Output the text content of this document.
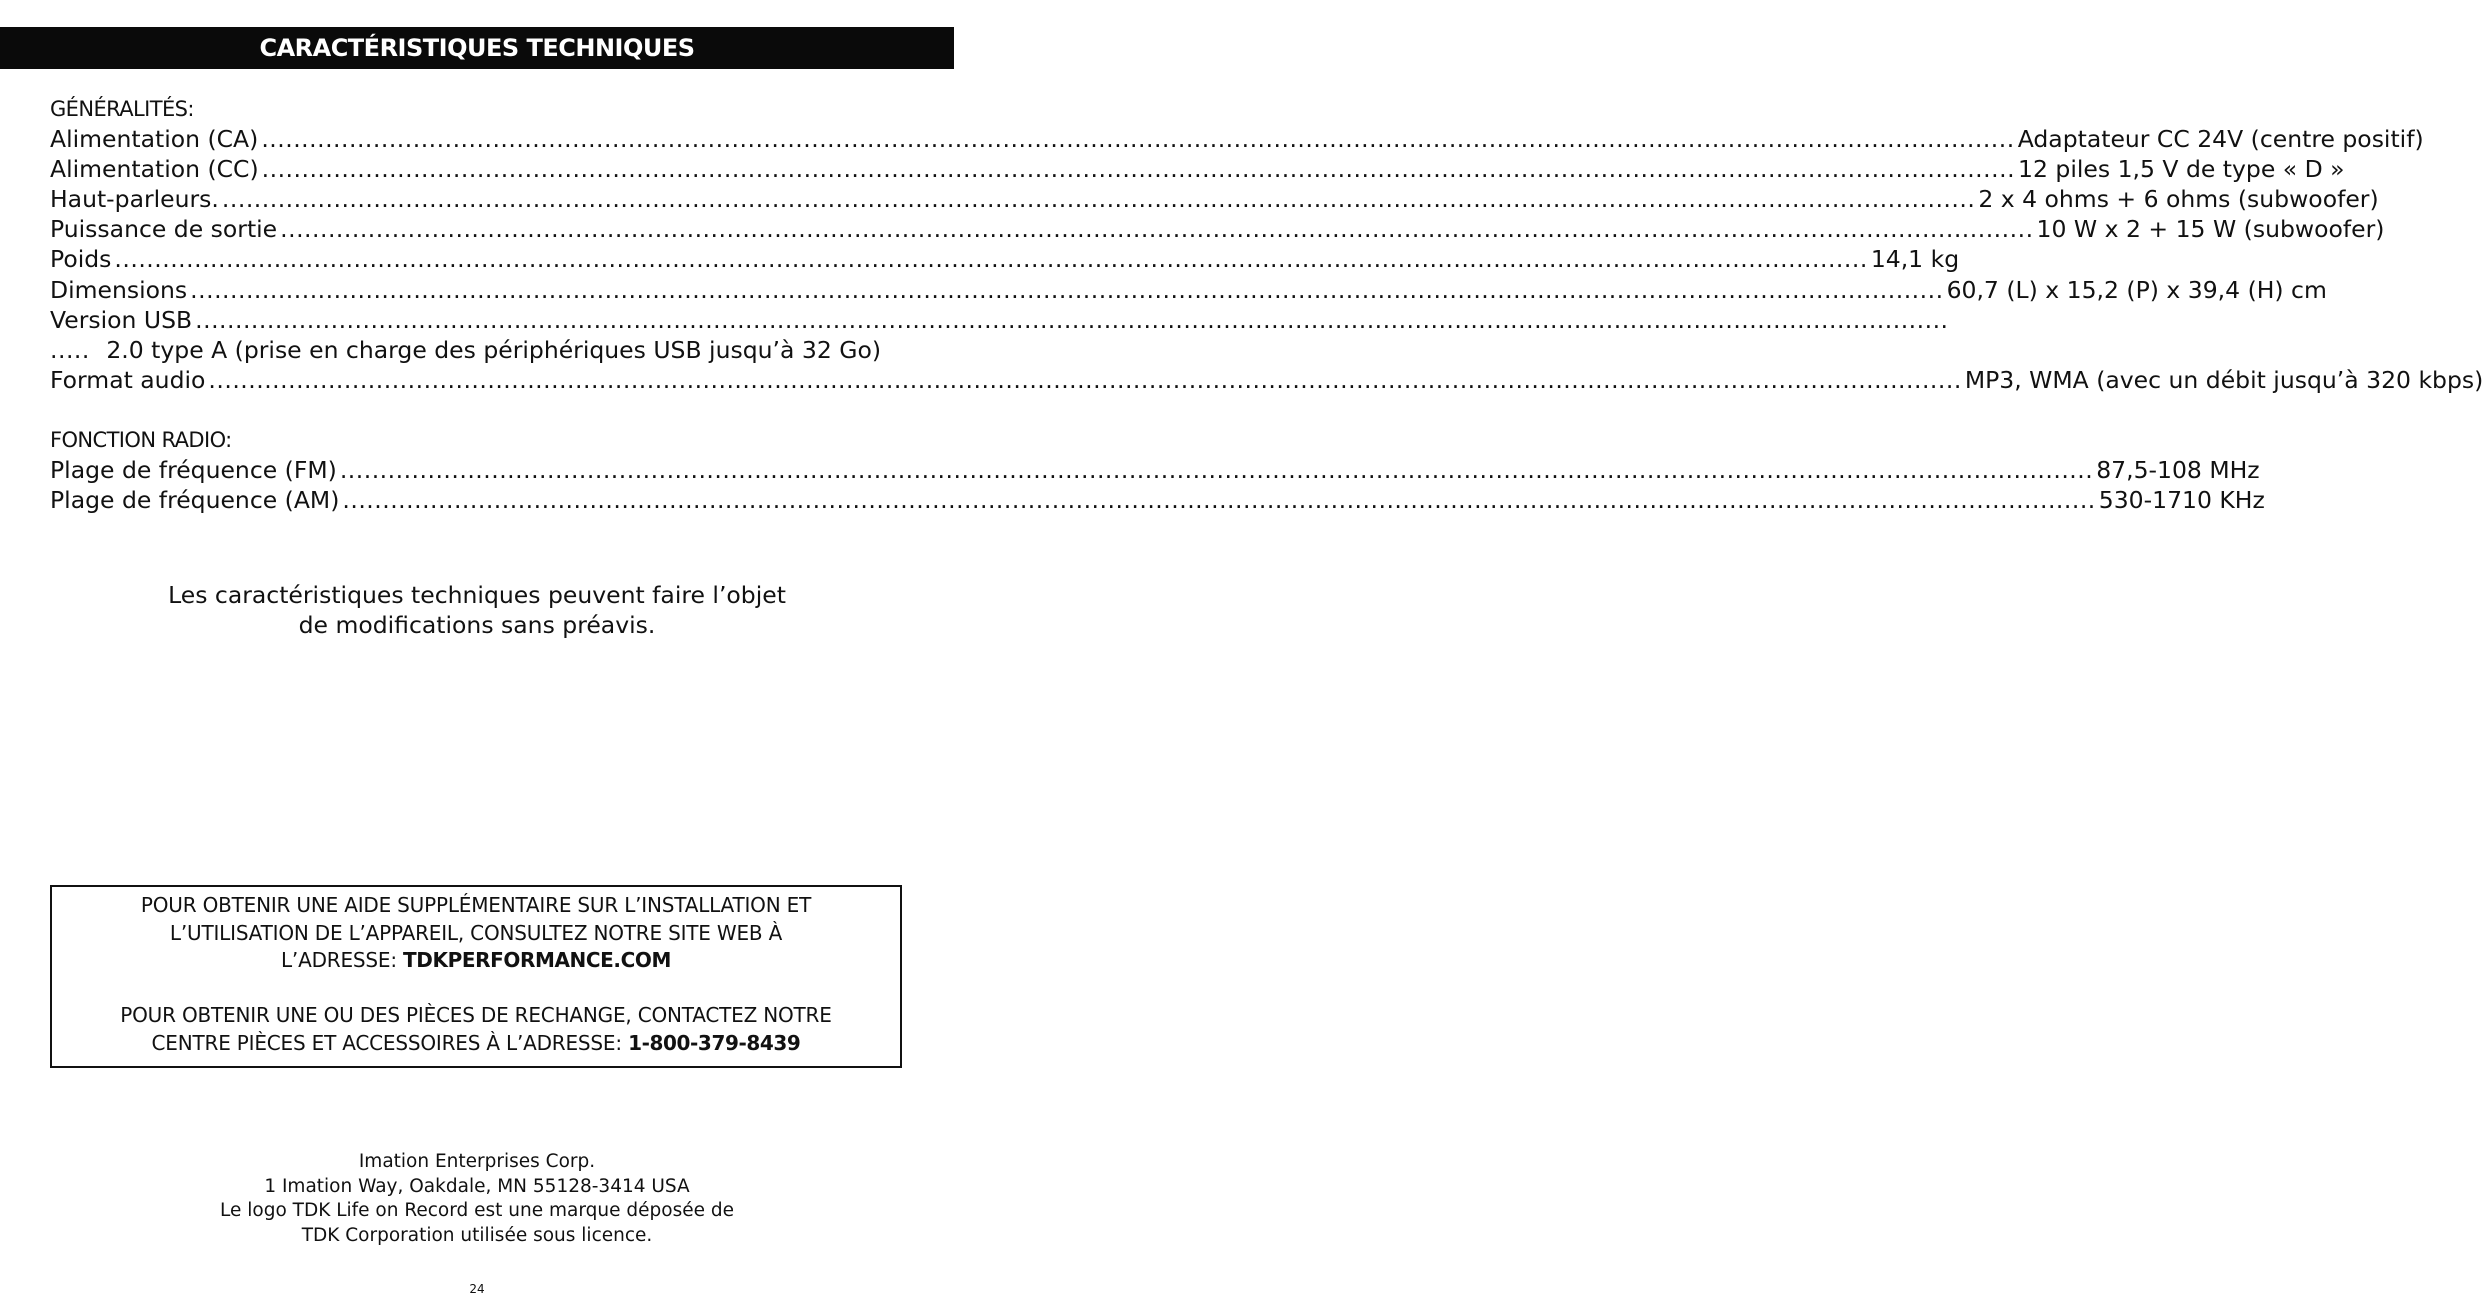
CARACTÉRISTIQUES TECHNIQUES
GÉNÉRALITÉS:
Alimentation (CA) ............................................................................................................................................................................................................................ Adaptateur CC 24V (centre positif)
Alimentation (CC) ............................................................................................................................................................................................................................ 12 piles 1,5 V de type « D »
Haut-parleurs. ............................................................................................................................................................................................................................ 2 x 4 ohms + 6 ohms (subwoofer)
Puissance de sortie ............................................................................................................................................................................................................................ 10 W x 2 + 15 W (subwoofer)
Poids ............................................................................................................................................................................................................................ 14,1 kg
Dimensions ............................................................................................................................................................................................................................ 60,7 (L) x 15,2 (P) x 39,4 (H) cm
Version USB ............................................................................................................................................................................................................................
..... 2.0 type A (prise en charge des périphériques USB jusqu’à 32 Go)
Format audio ............................................................................................................................................................................................................................ MP3, WMA (avec un débit jusqu’à 320 kbps)
FONCTION RADIO:
Plage de fréquence (FM) ............................................................................................................................................................................................................................ 87,5-108 MHz
Plage de fréquence (AM) ............................................................................................................................................................................................................................ 530-1710 KHz
Les caractéristiques techniques peuvent faire l’objet
de modifications sans préavis.
POUR OBTENIR UNE AIDE SUPPLÉMENTAIRE SUR L’INSTALLATION ET
L’UTILISATION DE L’APPAREIL, CONSULTEZ NOTRE SITE WEB À
L’ADRESSE: TDKPERFORMANCE.COM
POUR OBTENIR UNE OU DES PIÈCES DE RECHANGE, CONTACTEZ NOTRE
CENTRE PIÈCES ET ACCESSOIRES À L’ADRESSE: 1-800-379-8439
Imation Enterprises Corp.
1 Imation Way, Oakdale, MN 55128-3414 USA
Le logo TDK Life on Record est une marque déposée de
TDK Corporation utilisée sous licence.
24
